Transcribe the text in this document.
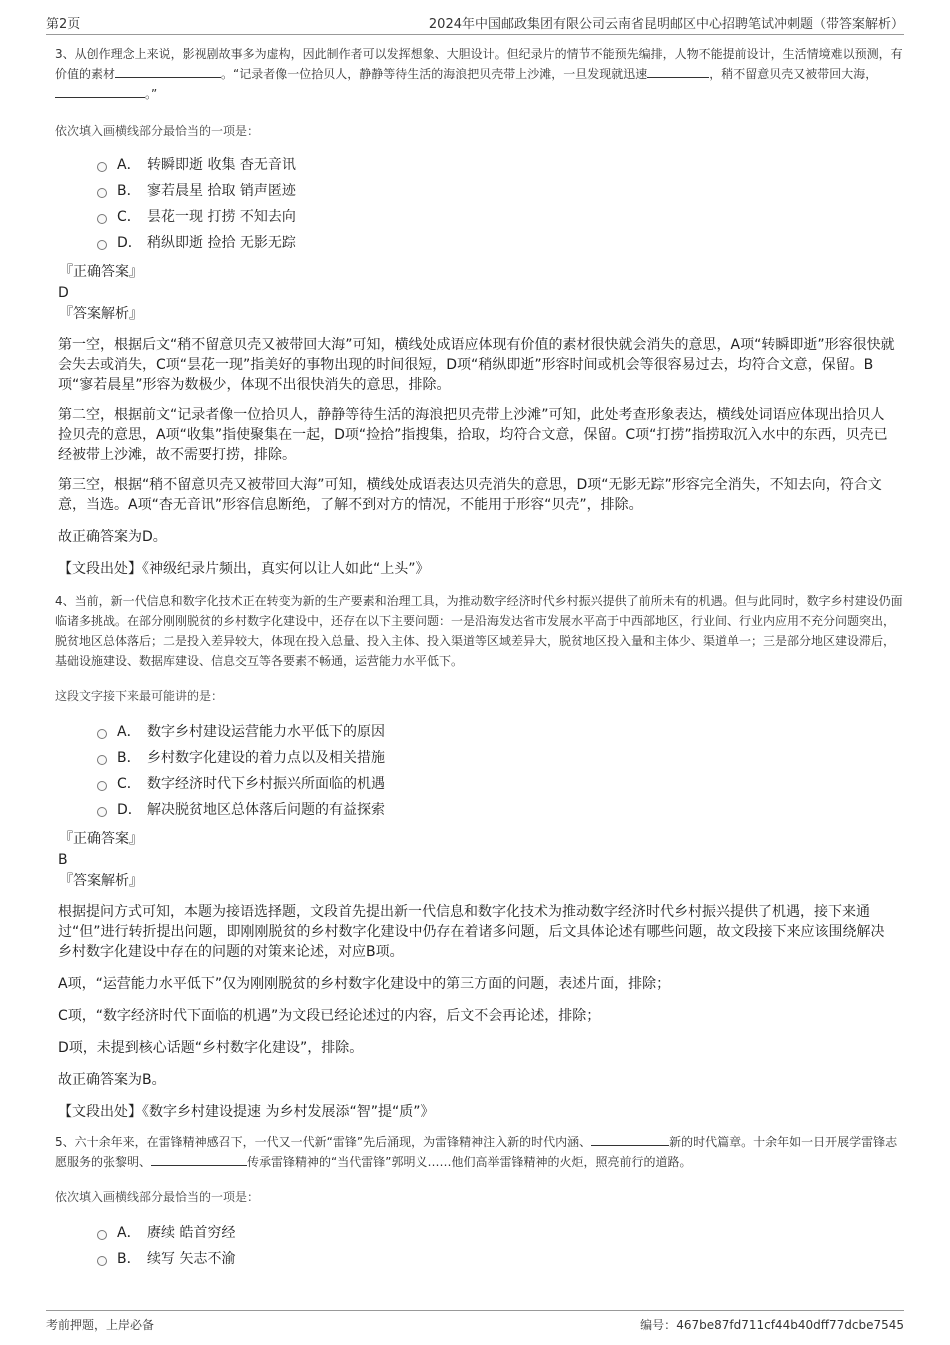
第2页	2024年中国邮政集团有限公司云南省昆明邮区中心招聘笔试冲刺题（带答案解析）

3、从创作理念上来说，影视剧故事多为虚构，因此制作者可以发挥想象、大胆设计。但纪录片的情节不能预先编排，人物不能提前设计，生活情境难以预测，有价值的素材	。“记录者像一位拾贝人，静静等待生活的海浪把贝壳带上沙滩，一旦发现就迅速	，稍不留意贝壳又被带回大海，。”

依次填入画横线部分最恰当的一项是：

A． 转瞬即逝 收集 杳无音讯
B． 寥若晨星 拾取 销声匿迹
C． 昙花一现 打捞 不知去向
D． 稍纵即逝 捡拾 无影无踪

『正确答案』

D

『答案解析』

第一空，根据后文“稍不留意贝壳又被带回大海”可知，横线处成语应体现有价值的素材很快就会消失的意思，A项“转瞬即逝”形容很快就会失去或消失，C项“昙花一现”指美好的事物出现的时间很短，D项“稍纵即逝”形容时间或机会等很容易过去，均符合文意，保留。B项“寥若晨星”形容为数极少，体现不出很快消失的意思，排除。

第二空，根据前文“记录者像一位拾贝人，静静等待生活的海浪把贝壳带上沙滩”可知，此处考查形象表达，横线处词语应体现出拾贝人捡贝壳的意思，A项“收集”指使聚集在一起，D项“捡拾”指搜集，拾取，均符合文意，保留。C项“打捞”指捞取沉入水中的东西，贝壳已经被带上沙滩，故不需要打捞，排除。

第三空，根据“稍不留意贝壳又被带回大海”可知，横线处成语表达贝壳消失的意思，D项“无影无踪”形容完全消失，不知去向，符合文意，当选。A项“杳无音讯”形容信息断绝，了解不到对方的情况，不能用于形容“贝壳”，排除。

故正确答案为D。

【文段出处】《神级纪录片频出，真实何以让人如此“上头”》

4、当前，新一代信息和数字化技术正在转变为新的生产要素和治理工具，为推动数字经济时代乡村振兴提供了前所未有的机遇。但与此同时，数字乡村建设仍面临诸多挑战。在部分刚刚脱贫的乡村数字化建设中，还存在以下主要问题：一是沿海发达省市发展水平高于中西部地区，行业间、行业内应用不充分问题突出，脱贫地区总体落后；二是投入差异较大，体现在投入总量、投入主体、投入渠道等区域差异大，脱贫地区投入量和主体少、渠道单一；三是部分地区建设滞后，基础设施建设、数据库建设、信息交互等各要素不畅通，运营能力水平低下。

这段文字接下来最可能讲的是：

A． 数字乡村建设运营能力水平低下的原因
B． 乡村数字化建设的着力点以及相关措施
C． 数字经济时代下乡村振兴所面临的机遇
D． 解决脱贫地区总体落后问题的有益探索

『正确答案』

B

『答案解析』

根据提问方式可知，本题为接语选择题，文段首先提出新一代信息和数字化技术为推动数字经济时代乡村振兴提供了机遇，接下来通过“但”进行转折提出问题，即刚刚脱贫的乡村数字化建设中仍存在着诸多问题，后文具体论述有哪些问题，故文段接下来应该围绕解决乡村数字化建设中存在的问题的对策来论述，对应B项。

A项，“运营能力水平低下”仅为刚刚脱贫的乡村数字化建设中的第三方面的问题，表述片面，排除；

C项，“数字经济时代下面临的机遇”为文段已经论述过的内容，后文不会再论述，排除；

D项，未提到核心话题“乡村数字化建设”，排除。

故正确答案为B。

【文段出处】《数字乡村建设提速 为乡村发展添“智”提“质”》

5、六十余年来，在雷锋精神感召下，一代又一代新“雷锋”先后涌现，为雷锋精神注入新的时代内涵、	新的时代篇章。十余年如一日开展学雷锋志愿服务的张黎明、	传承雷锋精神的“当代雷锋”郭明义……他们高举雷锋精神的火炬，照亮前行的道路。

依次填入画横线部分最恰当的一项是：

A． 赓续 皓首穷经
B． 续写 矢志不渝
考前押题，上岸必备	编号：467be87fd711cf44b40dff77dcbe7545
